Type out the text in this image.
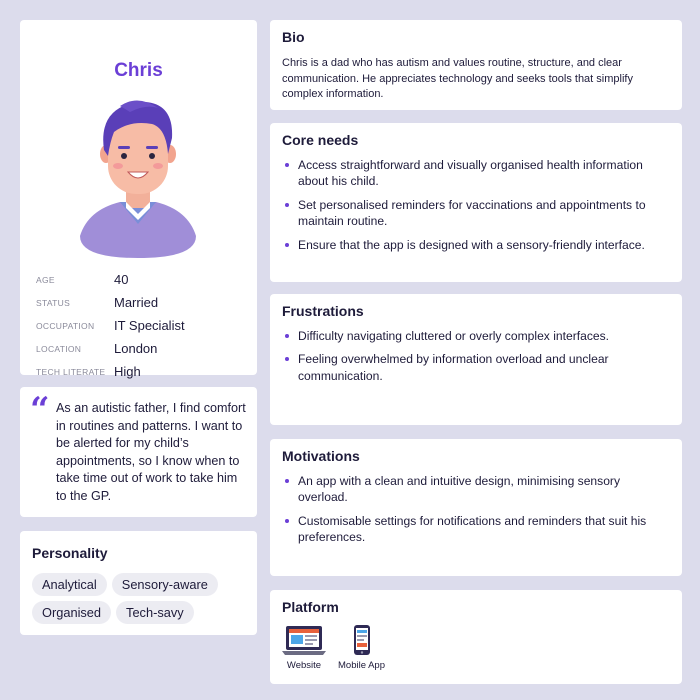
Chris
AGE	40
STATUS	Married
OCCUPATION	IT Specialist
LOCATION	London
TECH LITERATE High
“ As an autistic father, I find comfort in routines and patterns. I want to be alerted for my child’s appointments, so I know when to take time out of work to take him to the GP.
Personality
Analytical	Sensory-aware
Organised	Tech-savy
Bio
Chris is a dad who has autism and values routine, structure, and clear communication. He appreciates technology and seeks tools that simplify complex information.
Core needs
Access straightforward and visually organised health information about his child.
Set personalised reminders for vaccinations and appointments to maintain routine.
Ensure that the app is designed with a sensory-friendly interface.
Frustrations
Difficulty navigating cluttered or overly complex interfaces.
Feeling overwhelmed by information overload and unclear communication.
Motivations
An app with a clean and intuitive design, minimising sensory overload.
Customisable settings for notifications and reminders that suit his preferences.
Platform
Website Mobile App
